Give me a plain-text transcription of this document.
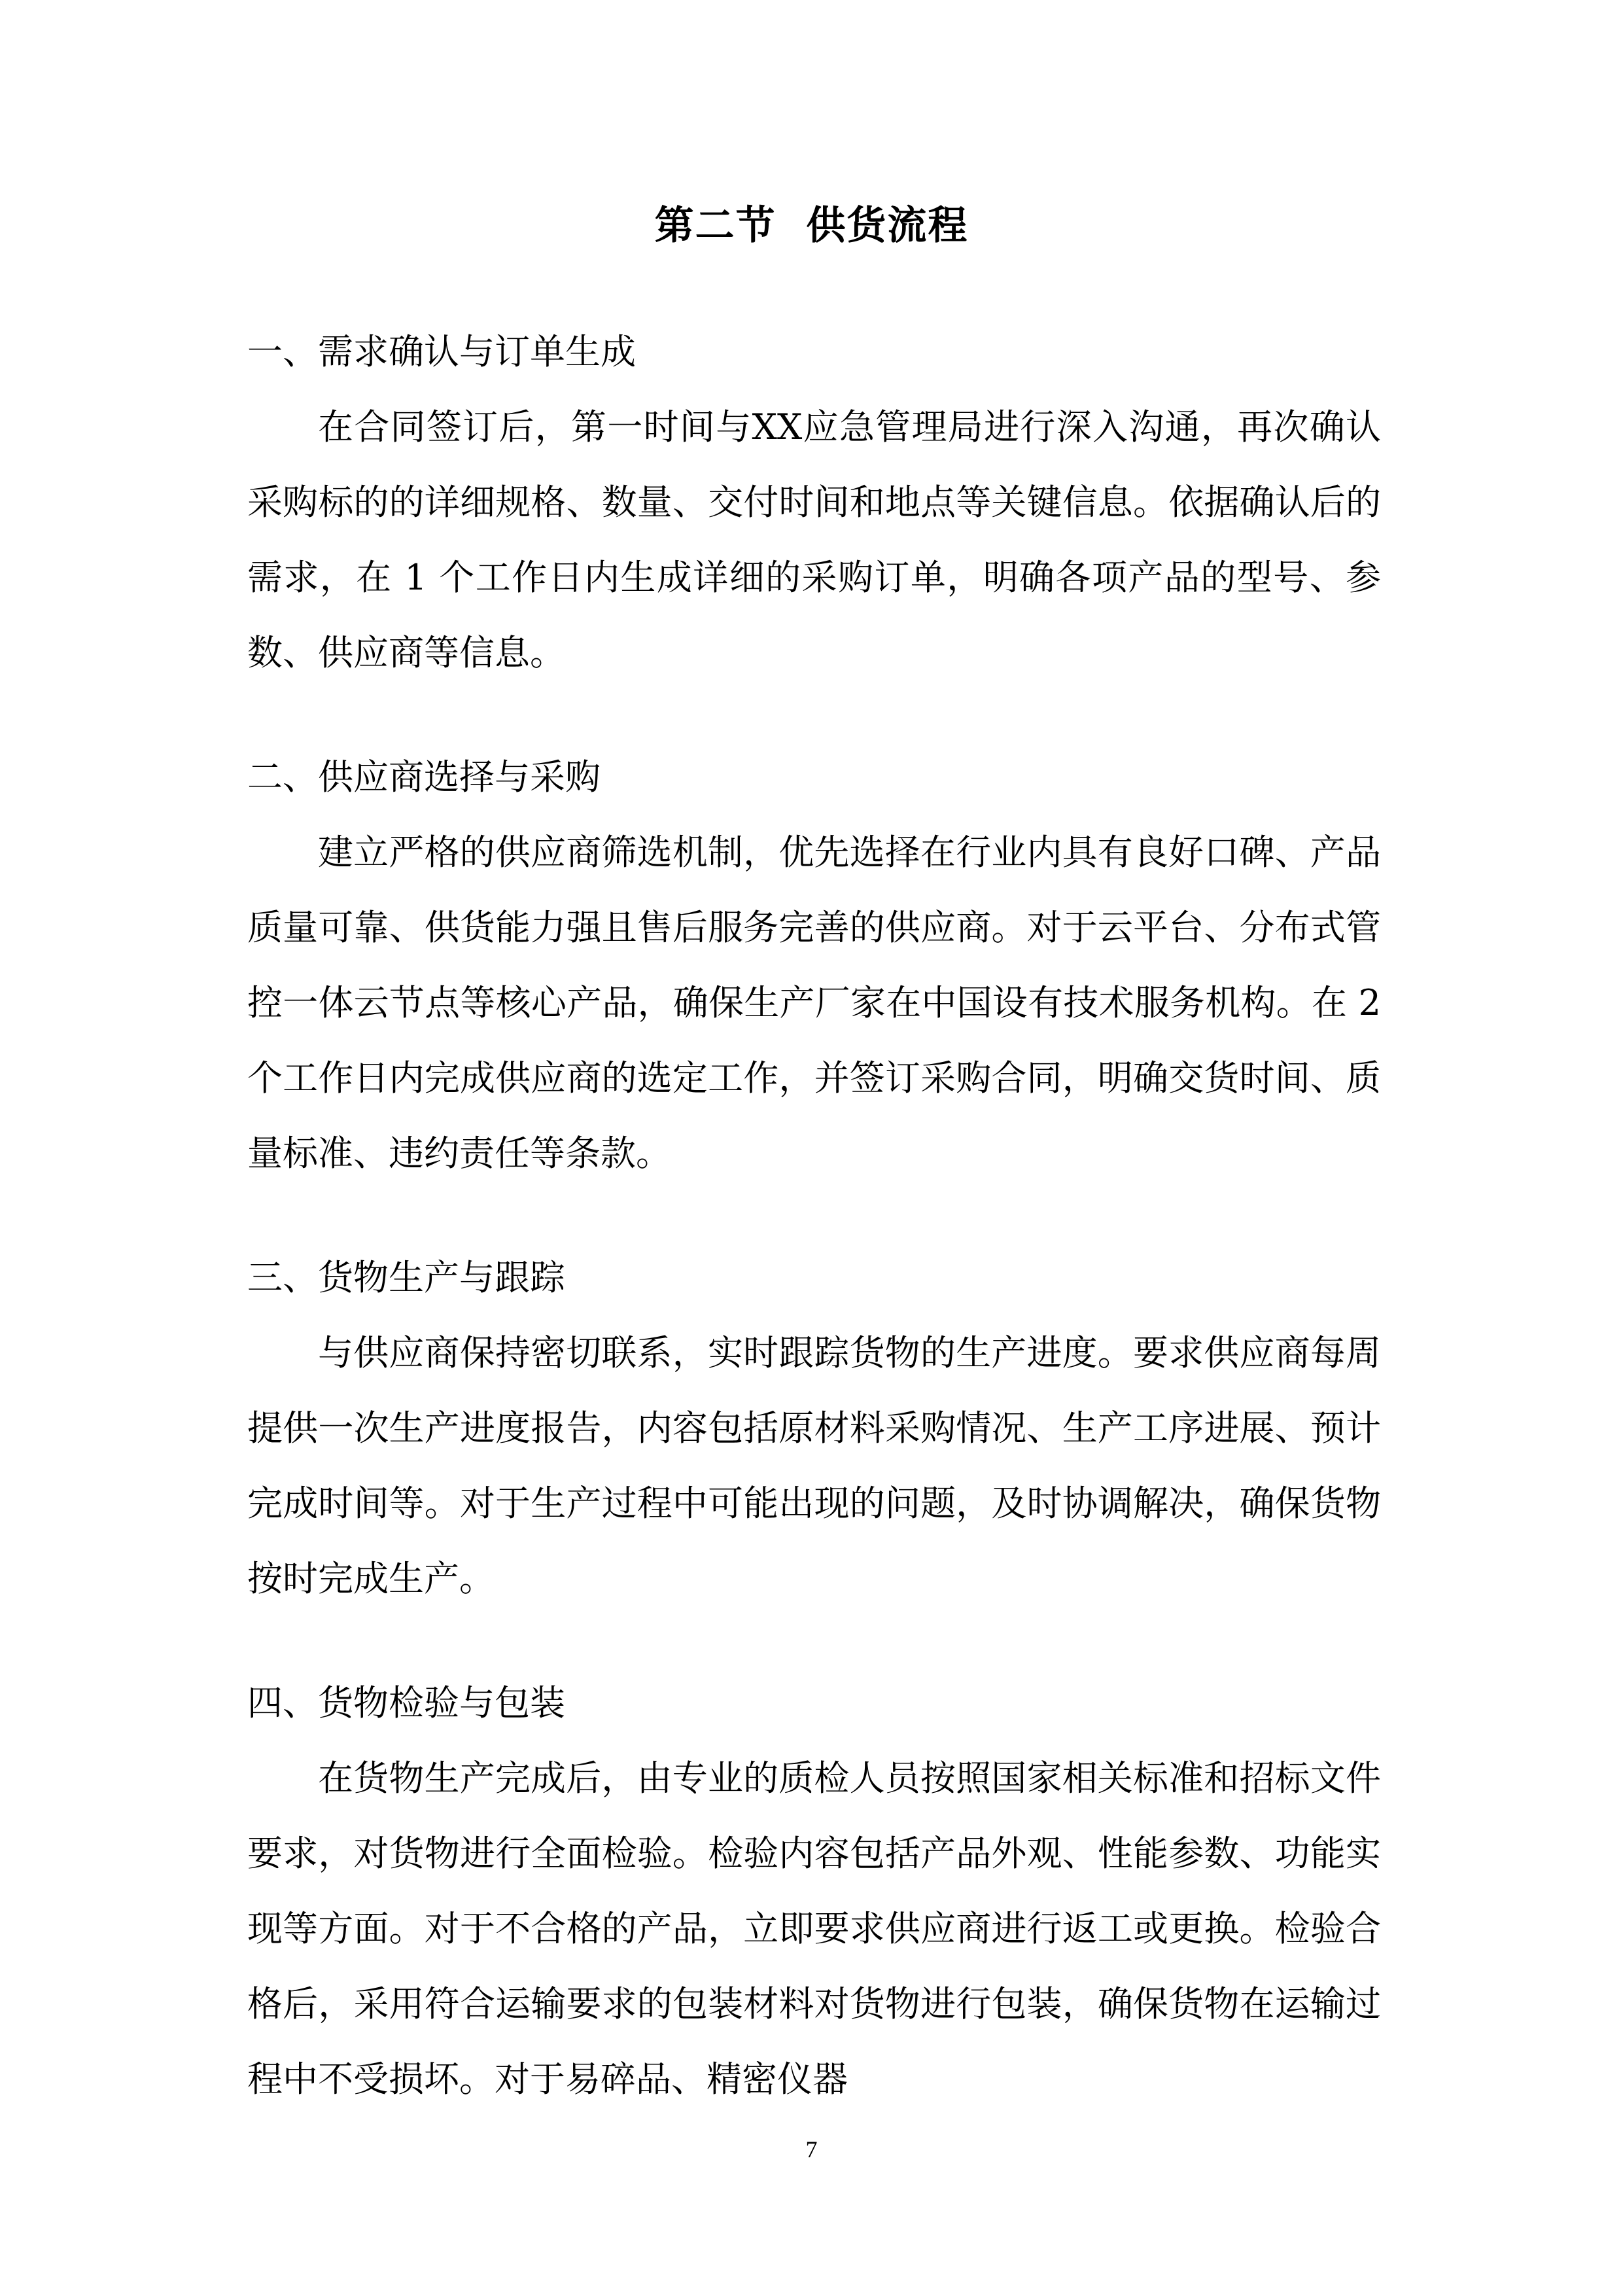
第二节  供货流程
一、需求确认与订单生成

在合同签订后，第一时间与XX应急管理局进行深入沟通，再次确认采购标的的详细规格、数量、交付时间和地点等关键信息。依据确认后的需求，在 1 个工作日内生成详细的采购订单，明确各项产品的型号、参数、供应商等信息。

二、供应商选择与采购

建立严格的供应商筛选机制，优先选择在行业内具有良好口碑、产品质量可靠、供货能力强且售后服务完善的供应商。对于云平台、分布式管控一体云节点等核心产品，确保生产厂家在中国设有技术服务机构。在 2 个工作日内完成供应商的选定工作，并签订采购合同，明确交货时间、质量标准、违约责任等条款。

三、货物生产与跟踪

与供应商保持密切联系，实时跟踪货物的生产进度。要求供应商每周提供一次生产进度报告，内容包括原材料采购情况、生产工序进展、预计完成时间等。对于生产过程中可能出现的问题，及时协调解决，确保货物按时完成生产。

四、货物检验与包装

在货物生产完成后，由专业的质检人员按照国家相关标准和招标文件要求，对货物进行全面检验。检验内容包括产品外观、性能参数、功能实现等方面。对于不合格的产品，立即要求供应商进行返工或更换。检验合格后，采用符合运输要求的包装材料对货物进行包装，确保货物在运输过程中不受损坏。对于易碎品、精密仪器

7
